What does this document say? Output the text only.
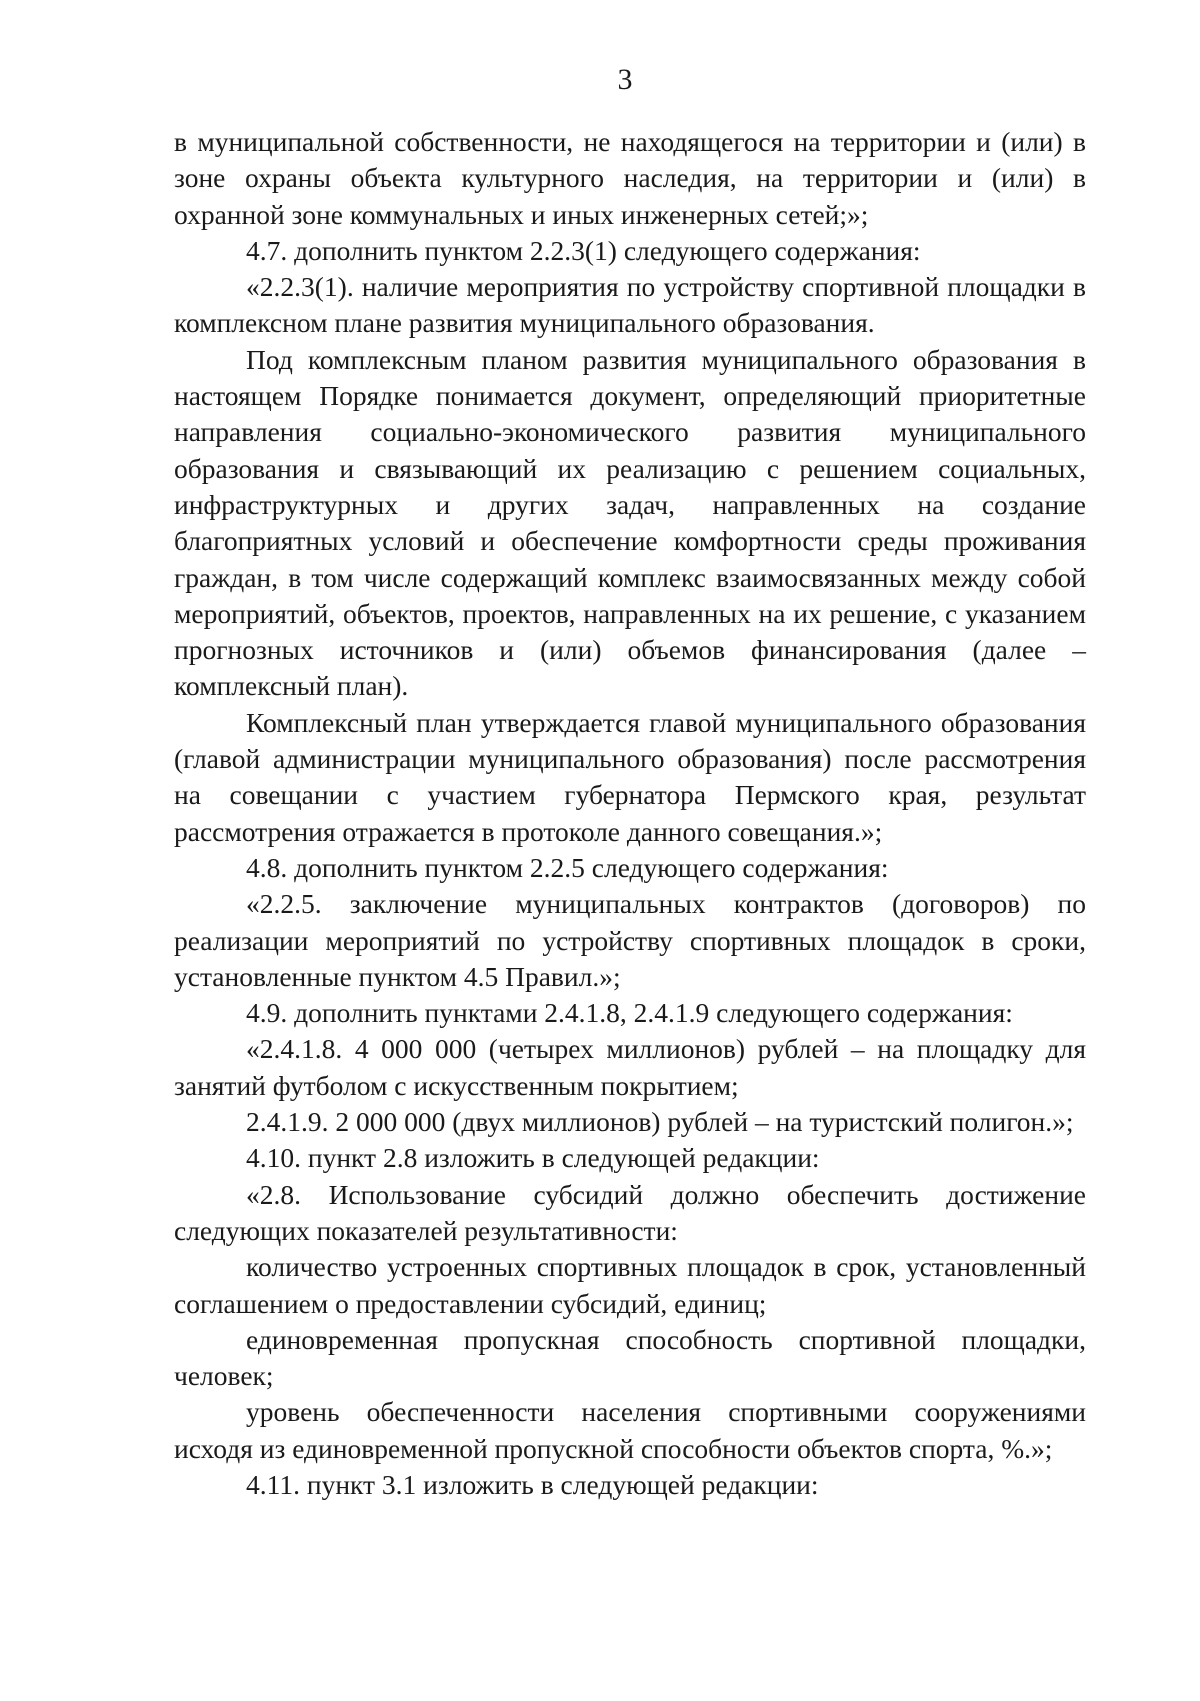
3

в муниципальной собственности, не находящегося на территории и (или) в зоне охраны объекта культурного наследия, на территории и (или) в охранной зоне коммунальных и иных инженерных сетей;»;

4.7. дополнить пунктом 2.2.3(1) следующего содержания:

«2.2.3(1). наличие мероприятия по устройству спортивной площадки в комплексном плане развития муниципального образования.

Под комплексным планом развития муниципального образования в настоящем Порядке понимается документ, определяющий приоритетные направления социально-экономического развития муниципального образования и связывающий их реализацию с решением социальных, инфраструктурных и других задач, направленных на создание благоприятных условий и обеспечение комфортности среды проживания граждан, в том числе содержащий комплекс взаимосвязанных между собой мероприятий, объектов, проектов, направленных на их решение, с указанием прогнозных источников и (или) объемов финансирования (далее – комплексный план).

Комплексный план утверждается главой муниципального образования (главой администрации муниципального образования) после рассмотрения на совещании с участием губернатора Пермского края, результат рассмотрения отражается в протоколе данного совещания.»;

4.8. дополнить пунктом 2.2.5 следующего содержания:

«2.2.5. заключение муниципальных контрактов (договоров) по реализации мероприятий по устройству спортивных площадок в сроки, установленные пунктом 4.5 Правил.»;

4.9. дополнить пунктами 2.4.1.8, 2.4.1.9 следующего содержания:

«2.4.1.8. 4 000 000 (четырех миллионов) рублей – на площадку для занятий футболом с искусственным покрытием;

2.4.1.9. 2 000 000 (двух миллионов) рублей – на туристский полигон.»;

4.10. пункт 2.8 изложить в следующей редакции:

«2.8. Использование субсидий должно обеспечить достижение следующих показателей результативности:

количество устроенных спортивных площадок в срок, установленный соглашением о предоставлении субсидий, единиц;

единовременная пропускная способность спортивной площадки, человек;

уровень обеспеченности населения спортивными сооружениями исходя из единовременной пропускной способности объектов спорта, %.»;

4.11. пункт 3.1 изложить в следующей редакции:
